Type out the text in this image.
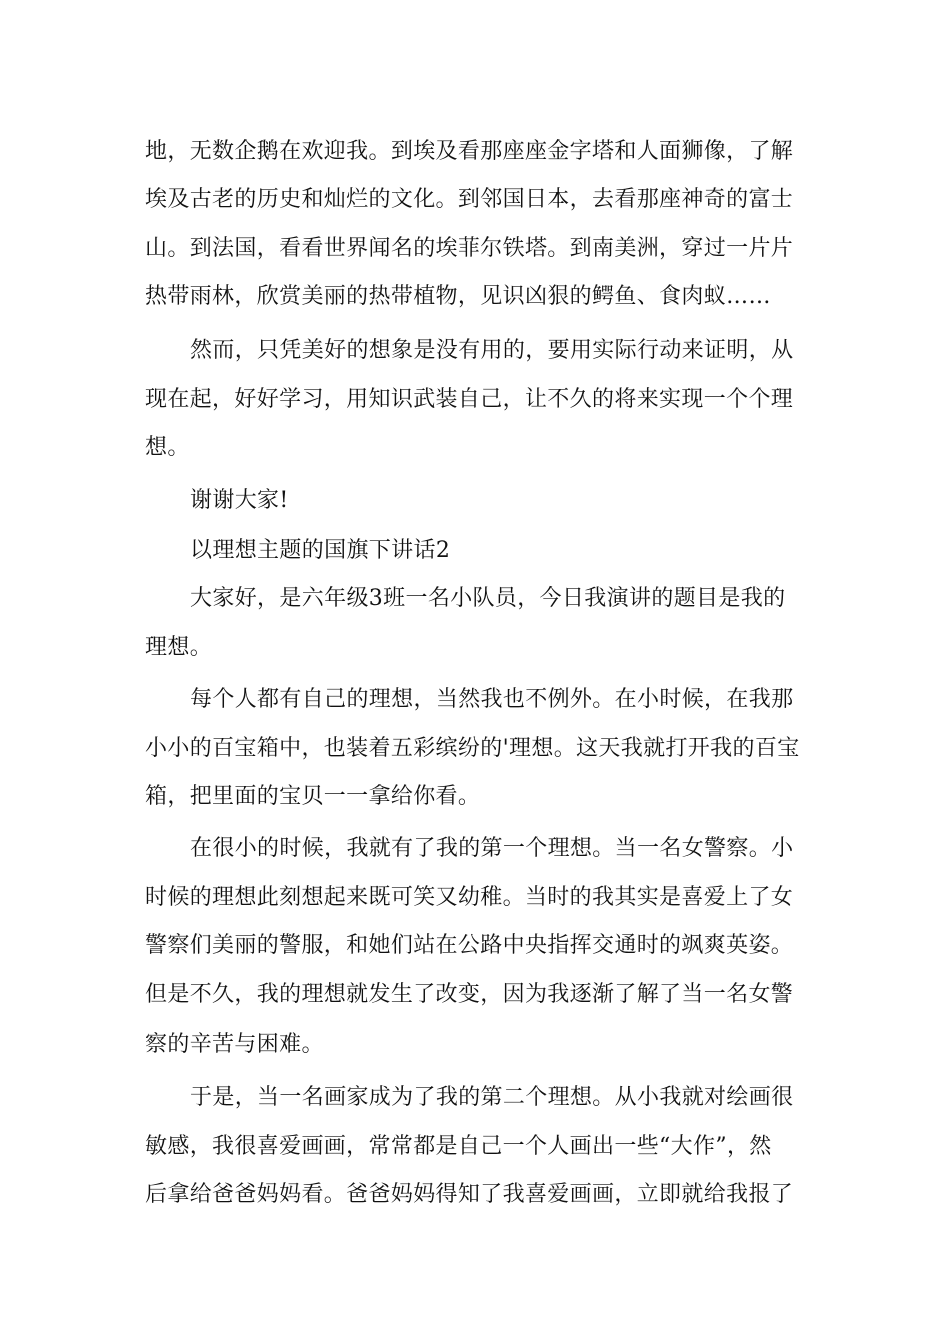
地，无数企鹅在欢迎我。到埃及看那座座金字塔和人面狮像，了解
埃及古老的历史和灿烂的文化。到邻国日本，去看那座神奇的富士
山。到法国，看看世界闻名的埃菲尔铁塔。到南美洲，穿过一片片
热带雨林，欣赏美丽的热带植物，见识凶狠的鳄鱼、食肉蚁……
然而，只凭美好的想象是没有用的，要用实际行动来证明，从
现在起，好好学习，用知识武装自己，让不久的将来实现一个个理
想。
谢谢大家!
以理想主题的国旗下讲话2
大家好，是六年级3班一名小队员，今日我演讲的题目是我的
理想。
每个人都有自己的理想，当然我也不例外。在小时候，在我那
小小的百宝箱中，也装着五彩缤纷的'理想。这天我就打开我的百宝
箱，把里面的宝贝一一拿给你看。
在很小的时候，我就有了我的第一个理想。当一名女警察。小
时候的理想此刻想起来既可笑又幼稚。当时的我其实是喜爱上了女
警察们美丽的警服，和她们站在公路中央指挥交通时的飒爽英姿。
但是不久，我的理想就发生了改变，因为我逐渐了解了当一名女警
察的辛苦与困难。
于是，当一名画家成为了我的第二个理想。从小我就对绘画很
敏感，我很喜爱画画，常常都是自己一个人画出一些“大作”，然
后拿给爸爸妈妈看。爸爸妈妈得知了我喜爱画画，立即就给我报了
